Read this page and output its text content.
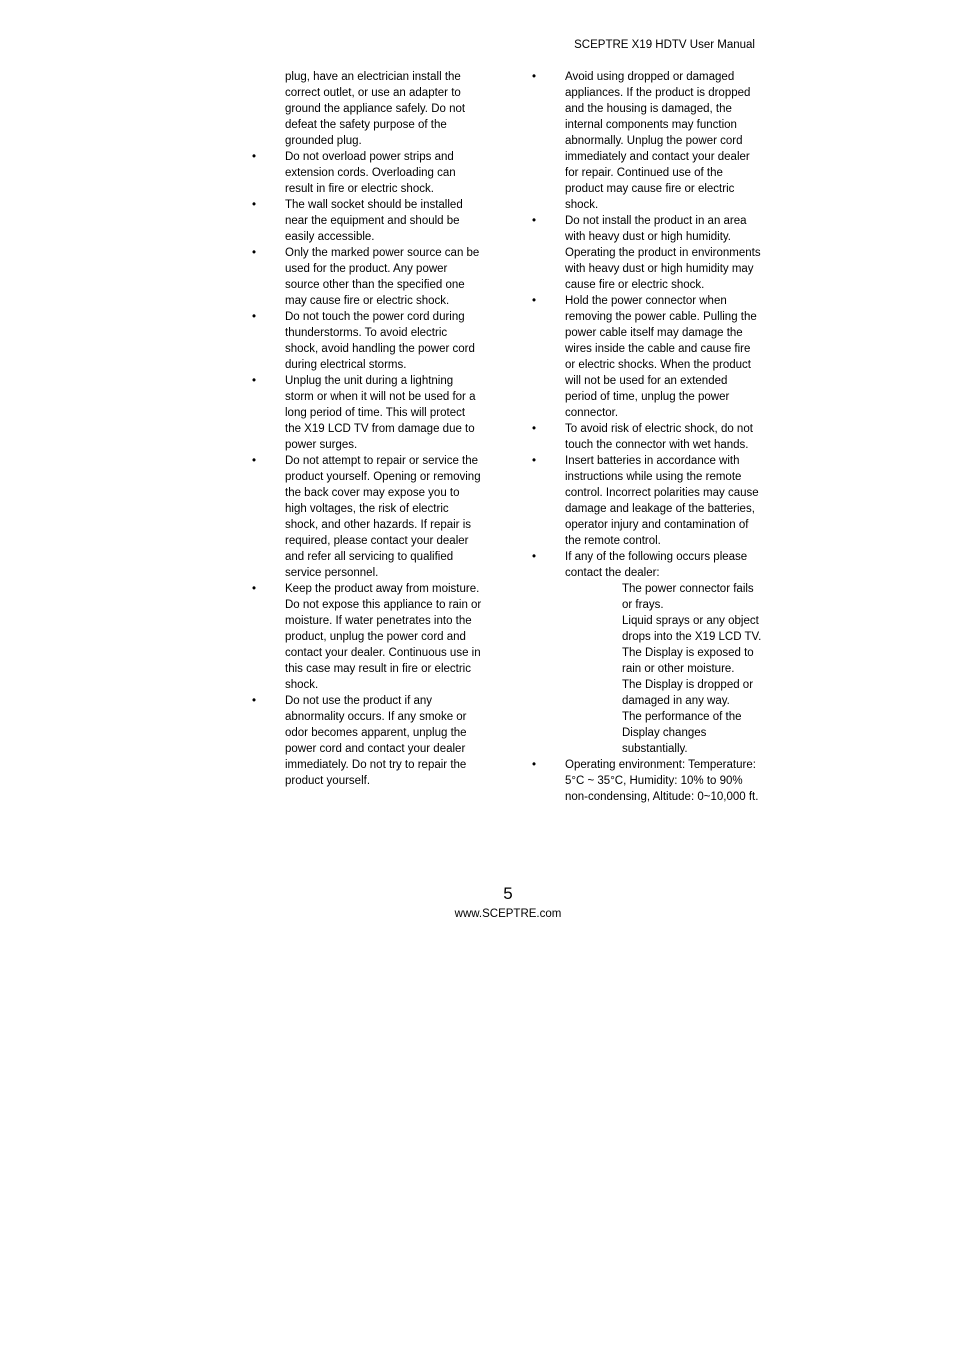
SCEPTRE X19 HDTV User Manual
plug, have an electrician install the correct outlet, or use an adapter to ground the appliance safely. Do not defeat the safety purpose of the grounded plug.
•	Do not overload power strips and extension cords. Overloading can result in fire or electric shock.
•	The wall socket should be installed near the equipment and should be easily accessible.
•	Only the marked power source can be used for the product. Any power source other than the specified one may cause fire or electric shock.
•	Do not touch the power cord during thunderstorms. To avoid electric shock, avoid handling the power cord during electrical storms.
•	Unplug the unit during a lightning storm or when it will not be used for a long period of time. This will protect the X19 LCD TV from damage due to power surges.
•	Do not attempt to repair or service the product yourself. Opening or removing the back cover may expose you to high voltages, the risk of electric shock, and other hazards. If repair is required, please contact your dealer and refer all servicing to qualified service personnel.
•	Keep the product away from moisture. Do not expose this appliance to rain or moisture. If water penetrates into the product, unplug the power cord and contact your dealer. Continuous use in this case may result in fire or electric shock.
•	Do not use the product if any abnormality occurs. If any smoke or odor becomes apparent, unplug the power cord and contact your dealer immediately. Do not try to repair the product yourself.
•	Avoid using dropped or damaged appliances. If the product is dropped and the housing is damaged, the internal components may function abnormally. Unplug the power cord immediately and contact your dealer for repair. Continued use of the product may cause fire or electric shock.
•	Do not install the product in an area with heavy dust or high humidity. Operating the product in environments with heavy dust or high humidity may cause fire or electric shock.
•	Hold the power connector when removing the power cable. Pulling the power cable itself may damage the wires inside the cable and cause fire or electric shocks. When the product will not be used for an extended period of time, unplug the power connector.
•	To avoid risk of electric shock, do not touch the connector with wet hands.
•	Insert batteries in accordance with instructions while using the remote control. Incorrect polarities may cause damage and leakage of the batteries, operator injury and contamination of the remote control.
•	If any of the following occurs please contact the dealer:
The power connector fails or frays.
Liquid sprays or any object drops into the X19 LCD TV.
The Display is exposed to rain or other moisture.
The Display is dropped or damaged in any way.
The performance of the Display changes substantially.
•	Operating environment: Temperature: 5°C ~ 35°C, Humidity: 10% to 90% non-condensing, Altitude: 0~10,000 ft.
5
www.SCEPTRE.com
